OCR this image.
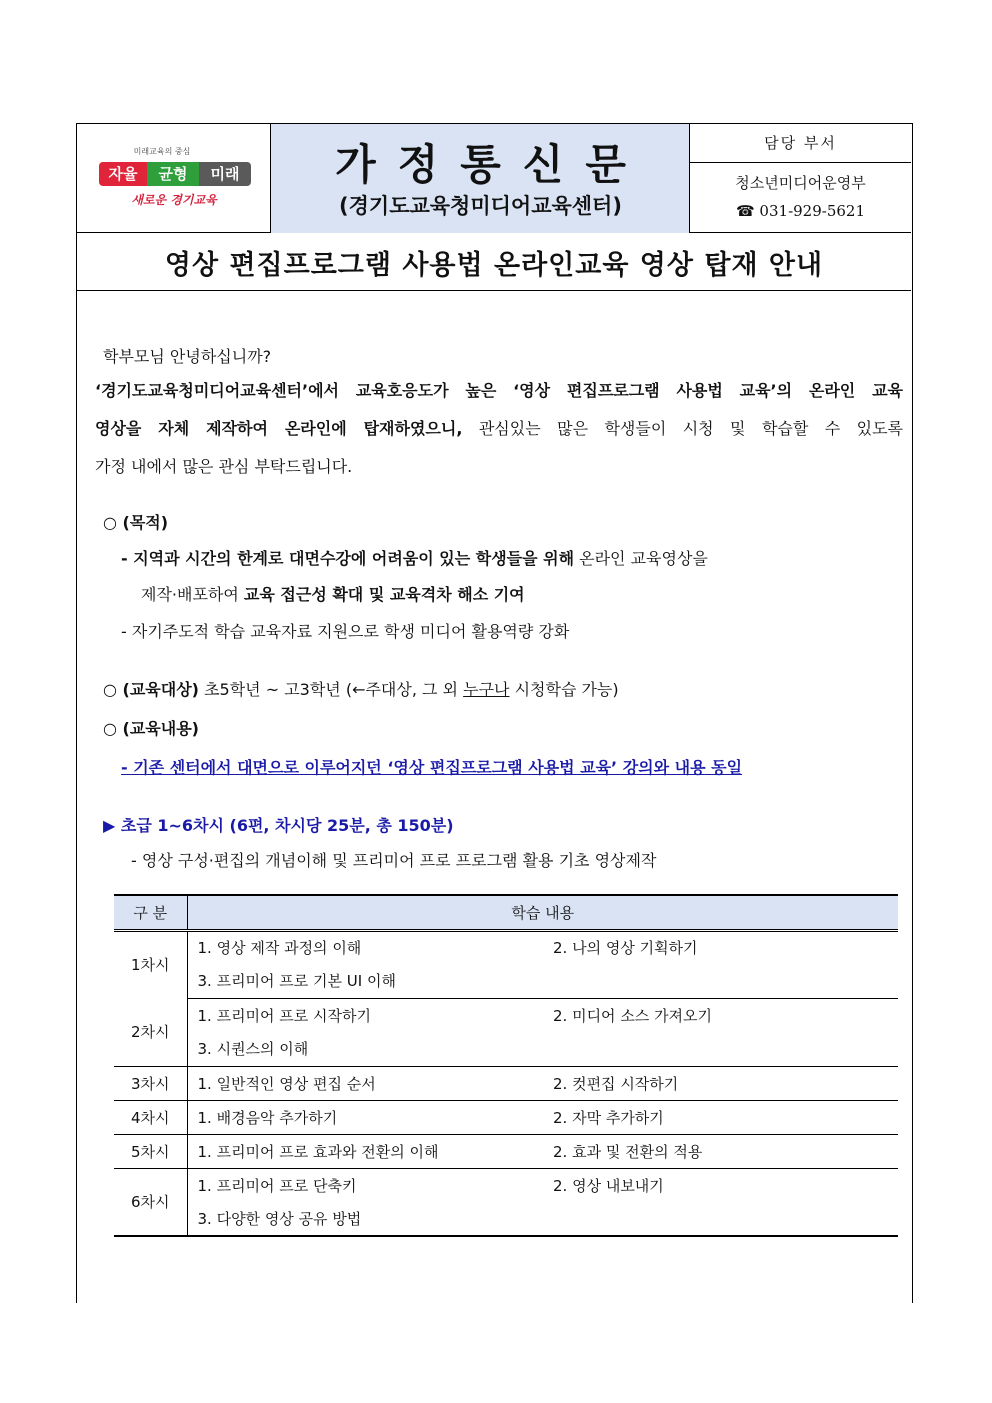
미래교육의 중심
자율	균형	미래
새로운 경기교육
가정통신문
(경기도교육청미디어교육센터)
담당 부서
청소년미디어운영부
☎ 031-929-5621
영상 편집프로그램 사용법 온라인교육 영상 탑재 안내
학부모님 안녕하십니까?
‘경기도교육청미디어교육센터’에서 교육호응도가 높은 ‘영상 편집프로그램 사용법 교육’의 온라인 교육
영상을 자체 제작하여 온라인에 탑재하였으니, 관심있는 많은 학생들이 시청 및 학습할 수 있도록
가정 내에서 많은 관심 부탁드립니다.
○ (목적)
- 지역과 시간의 한계로 대면수강에 어려움이 있는 학생들을 위해 온라인 교육영상을
제작·배포하여 교육 접근성 확대 및 교육격차 해소 기여
- 자기주도적 학습 교육자료 지원으로 학생 미디어 활용역량 강화
○ (교육대상) 초5학년 ~ 고3학년 (←주대상, 그 외 누구나 시청학습 가능)
○ (교육내용)
- 기존 센터에서 대면으로 이루어지던 ‘영상 편집프로그램 사용법 교육’ 강의와 내용 동일
▶ 초급 1~6차시 (6편, 차시당 25분, 총 150분)
- 영상 구성·편집의 개념이해 및 프리미어 프로 프로그램 활용 기초 영상제작
구 분	학습 내용	
1차시	1. 영상 제작 과정의 이해	2. 나의 영상 기획하기
	3. 프리미어 프로 기본 UI 이해	
2차시	1. 프리미어 프로 시작하기	2. 미디어 소스 가져오기
	3. 시퀀스의 이해	
3차시	1. 일반적인 영상 편집 순서	2. 컷편집 시작하기
4차시	1. 배경음악 추가하기	2. 자막 추가하기
5차시	1. 프리미어 프로 효과와 전환의 이해	2. 효과 및 전환의 적용
6차시	1. 프리미어 프로 단축키	2. 영상 내보내기
	3. 다양한 영상 공유 방법	
